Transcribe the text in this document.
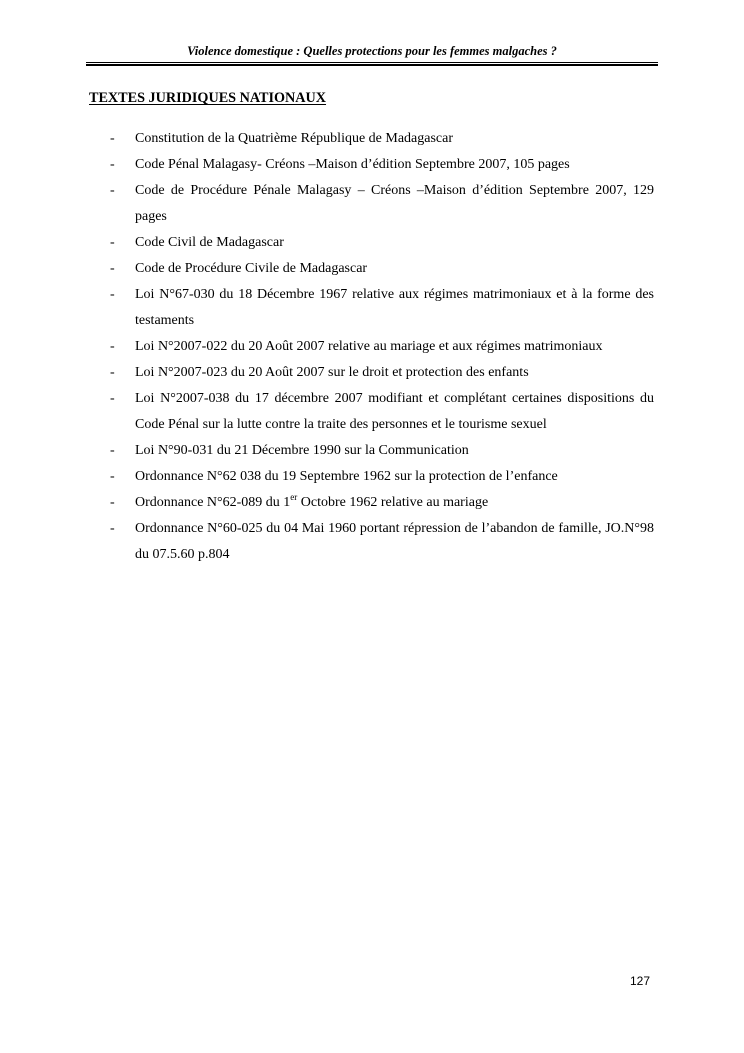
Violence domestique : Quelles protections pour les femmes malgaches ?
TEXTES JURIDIQUES NATIONAUX
- Constitution de la Quatrième République de Madagascar
- Code Pénal Malagasy- Créons –Maison d’édition Septembre 2007, 105 pages
- Code de Procédure Pénale Malagasy – Créons –Maison d’édition Septembre 2007, 129 pages
- Code Civil de Madagascar
- Code de Procédure Civile de Madagascar
- Loi N°67-030 du 18 Décembre 1967 relative aux régimes matrimoniaux et à la forme des testaments
- Loi N°2007-022 du 20 Août 2007 relative au mariage et aux régimes matrimoniaux
- Loi N°2007-023 du 20 Août 2007 sur le droit et protection des enfants
- Loi N°2007-038 du 17 décembre 2007 modifiant et complétant certaines dispositions du Code Pénal sur la lutte contre la traite des personnes et le tourisme sexuel
- Loi N°90-031 du 21 Décembre 1990 sur la Communication
- Ordonnance N°62 038 du 19 Septembre 1962 sur la protection de l’enfance
- Ordonnance N°62-089 du 1er Octobre 1962 relative au mariage
- Ordonnance N°60-025 du 04 Mai 1960 portant répression de l’abandon de famille, JO.N°98 du 07.5.60 p.804
127
